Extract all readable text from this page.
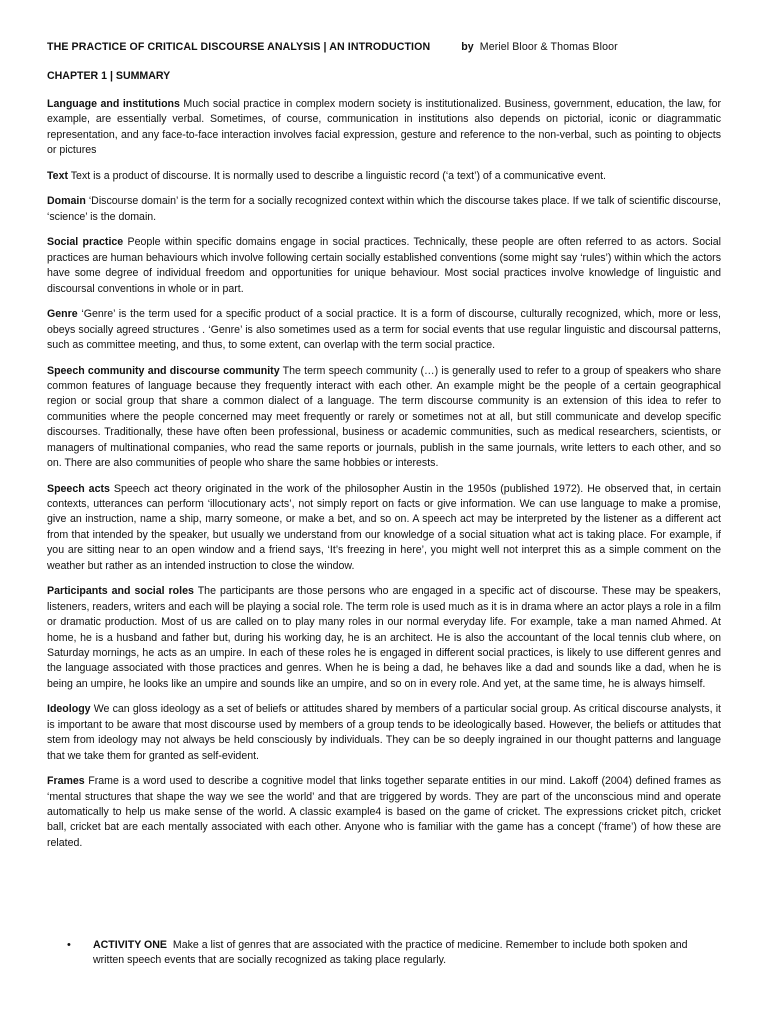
THE PRACTICE OF CRITICAL DISCOURSE ANALYSIS | AN INTRODUCTION	by Meriel Bloor & Thomas Bloor
CHAPTER 1 | SUMMARY

Language and institutions Much social practice in complex modern society is institutionalized. Business, government, education, the law, for example, are essentially verbal. Sometimes, of course, communication in institutions also depends on pictorial, iconic or diagrammatic representation, and any face-to-face interaction involves facial expression, gesture and reference to the non-verbal, such as pointing to objects or pictures

Text Text is a product of discourse. It is normally used to describe a linguistic record (‘a text’) of a communicative event.

Domain ‘Discourse domain’ is the term for a socially recognized context within which the discourse takes place. If we talk of scientific discourse, ‘science’ is the domain.

Social practice People within specific domains engage in social practices. Technically, these people are often referred to as actors. Social practices are human behaviours which involve following certain socially established conventions (some might say ‘rules’) within which the actors have some degree of individual freedom and opportunities for unique behaviour. Most social practices involve knowledge of linguistic and discoursal conventions in whole or in part.

Genre ‘Genre’ is the term used for a specific product of a social practice. It is a form of discourse, culturally recognized, which, more or less, obeys socially agreed structures . ‘Genre’ is also sometimes used as a term for social events that use regular linguistic and discoursal patterns, such as committee meeting, and thus, to some extent, can overlap with the term social practice.

Speech community and discourse community The term speech community (…) is generally used to refer to a group of speakers who share common features of language because they frequently interact with each other. An example might be the people of a certain geographical region or social group that share a common dialect of a language. The term discourse community is an extension of this idea to refer to communities where the people concerned may meet frequently or rarely or sometimes not at all, but still communicate and develop specific discourses. Traditionally, these have often been professional, business or academic communities, such as medical researchers, scientists, or managers of multinational companies, who read the same reports or journals, publish in the same journals, write letters to each other, and so on. There are also communities of people who share the same hobbies or interests.

Speech acts Speech act theory originated in the work of the philosopher Austin in the 1950s (published 1972). He observed that, in certain contexts, utterances can perform ‘illocutionary acts’, not simply report on facts or give information. We can use language to make a promise, give an instruction, name a ship, marry someone, or make a bet, and so on. A speech act may be interpreted by the listener as a different act from that intended by the speaker, but usually we understand from our knowledge of a social situation what act is taking place. For example, if you are sitting near to an open window and a friend says, ‘It’s freezing in here’, you might well not interpret this as a simple comment on the weather but rather as an intended instruction to close the window.

Participants and social roles The participants are those persons who are engaged in a specific act of discourse. These may be speakers, listeners, readers, writers and each will be playing a social role. The term role is used much as it is in drama where an actor plays a role in a film or dramatic production. Most of us are called on to play many roles in our normal everyday life. For example, take a man named Ahmed. At home, he is a husband and father but, during his working day, he is an architect. He is also the accountant of the local tennis club where, on Saturday mornings, he acts as an umpire. In each of these roles he is engaged in different social practices, is likely to use different genres and the language associated with those practices and genres. When he is being a dad, he behaves like a dad and sounds like a dad, when he is being an umpire, he looks like an umpire and sounds like an umpire, and so on in every role. And yet, at the same time, he is always himself.

Ideology We can gloss ideology as a set of beliefs or attitudes shared by members of a particular social group. As critical discourse analysts, it is important to be aware that most discourse used by members of a group tends to be ideologically based. However, the beliefs or attitudes that stem from ideology may not always be held consciously by individuals. They can be so deeply ingrained in our thought patterns and language that we take them for granted as self-evident.

Frames Frame is a word used to describe a cognitive model that links together separate entities in our mind. Lakoff (2004) defined frames as ‘mental structures that shape the way we see the world’ and that are triggered by words. They are part of the unconscious mind and operate automatically to help us make sense of the world. A classic example4 is based on the game of cricket. The expressions cricket pitch, cricket ball, cricket bat are each mentally associated with each other. Anyone who is familiar with the game has a concept (‘frame’) of how these are related.

•	ACTIVITY ONE Make a list of genres that are associated with the practice of medicine. Remember to include both spoken and written speech events that are socially recognized as taking place regularly.
